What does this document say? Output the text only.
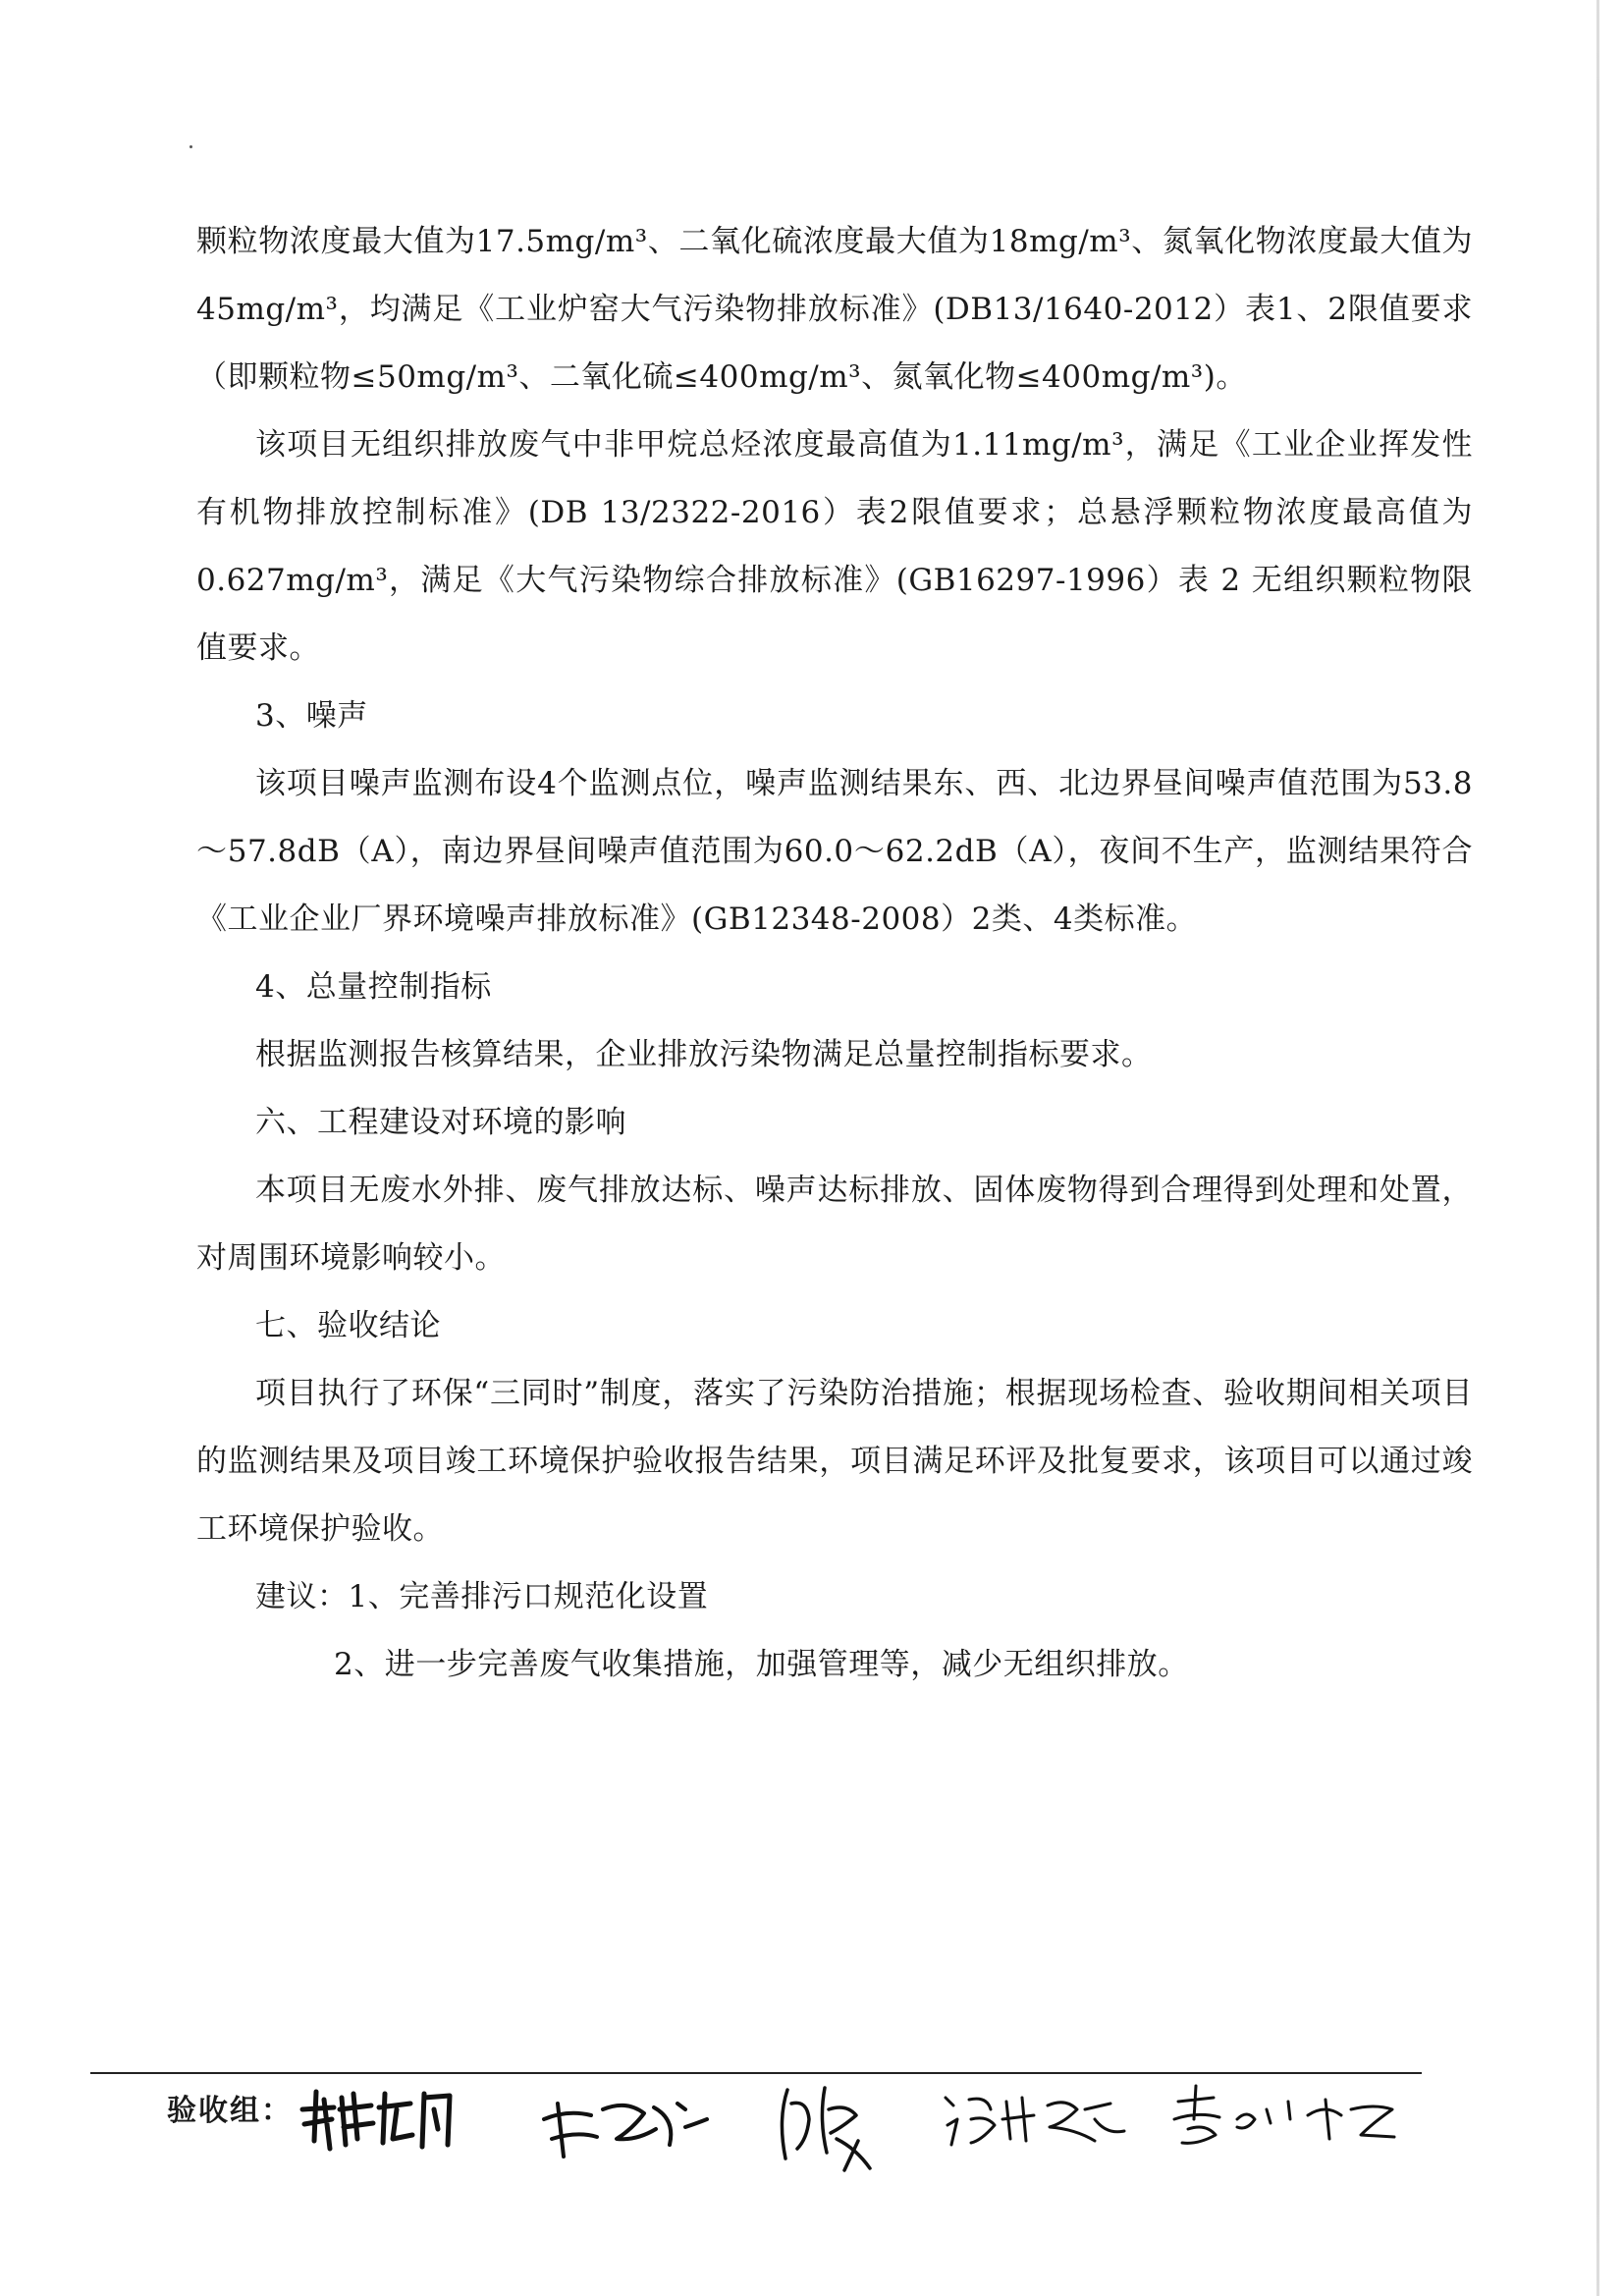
颗粒物浓度最大值为17.5mg/m³、二氧化硫浓度最大值为18mg/m³、氮氧化物浓度最大值为45mg/m³，均满足《工业炉窑大气污染物排放标准》(DB13/1640-2012）表1、2限值要求（即颗粒物≤50mg/m³、二氧化硫≤400mg/m³、氮氧化物≤400mg/m³)。

该项目无组织排放废气中非甲烷总烃浓度最高值为1.11mg/m³，满足《工业企业挥发性有机物排放控制标准》(DB 13/2322-2016）表2限值要求；总悬浮颗粒物浓度最高值为0.627mg/m³，满足《大气污染物综合排放标准》(GB16297-1996）表 2 无组织颗粒物限值要求。

3、噪声

该项目噪声监测布设4个监测点位，噪声监测结果东、西、北边界昼间噪声值范围为53.8～57.8dB（A），南边界昼间噪声值范围为60.0～62.2dB（A），夜间不生产，监测结果符合《工业企业厂界环境噪声排放标准》(GB12348-2008）2类、4类标准。

4、总量控制指标

根据监测报告核算结果，企业排放污染物满足总量控制指标要求。

六、工程建设对环境的影响

本项目无废水外排、废气排放达标、噪声达标排放、固体废物得到合理得到处理和处置，对周围环境影响较小。

七、验收结论

项目执行了环保“三同时”制度，落实了污染防治措施；根据现场检查、验收期间相关项目的监测结果及项目竣工环境保护验收报告结果，项目满足环评及批复要求，该项目可以通过竣工环境保护验收。

建议：1、完善排污口规范化设置

2、进一步完善废气收集措施，加强管理等，减少无组织排放。

验收组：
